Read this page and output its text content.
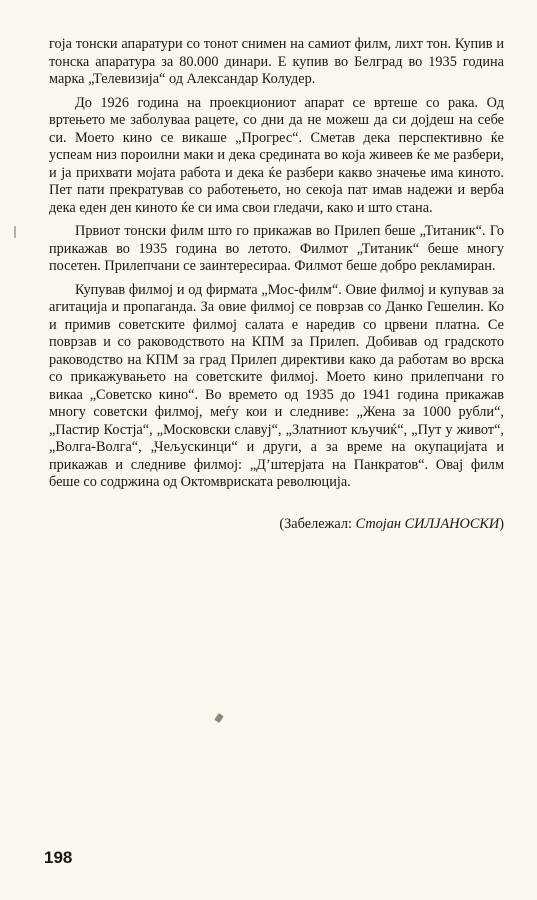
гоја тонски апаратури со тонот снимен на самиот филм, лихт тон. Купив и тонска апаратура за 80.000 динари. Е купив во Белград во 1935 година марка „Телевизија“ од Александар Колудер.

До 1926 година на проекциониот апарат се вртеше со рака. Од вртењето ме заболуваа рацете, со дни да не можеш да си дојдеш на себе си. Моето кино се викаше „Прогрес“. Сметав дека перспективно ќе успеам низ пороилни маки и дека средината во која живеев ќе ме разбери, и ја прихвати мојата работа и дека ќе разбери какво значење има киното. Пет пати прекратував со работењето, но секоја пат имав надежи и верба дека еден ден киното ќе си има свои гледачи, како и што стана.

Првиот тонски филм што го прикажав во Прилеп беше „Титаник“. Го прикажав во 1935 година во летото. Филмот „Титаник“ беше многу посетен. Прилепчани се заинтересираа. Филмот беше добро рекламиран.

Купував филмој и од фирмата „Мос-филм“. Овие филмој и купував за агитација и пропаганда. За овие филмој се поврзав со Данко Гешелин. Ко и примив советските филмој салата е наредив со црвени платна. Се поврзав и со раководството на КПМ за Прилеп. Добивав од градското раководство на КПМ за град Прилеп директиви како да работам во врска со прикажувањето на советските филмој. Моето кино прилепчани го викаа „Советско кино“. Во времето од 1935 до 1941 година прикажав многу советски филмој, меѓу кои и следниве: „Жена за 1000 рубли“, „Пастир Костја“, „Московски славуј“, „Златниот кључиќ“, „Пут у живот“, „Волга-Волга“, „Чељускинци“ и други, а за време на окупацијата и прикажав и следниве филмој: „Д’штерјата на Панкратов“. Овај филм беше со содржина од Октомвриската революција.

(Забележал: Стојан СИЛЈАНОСКИ)
198
